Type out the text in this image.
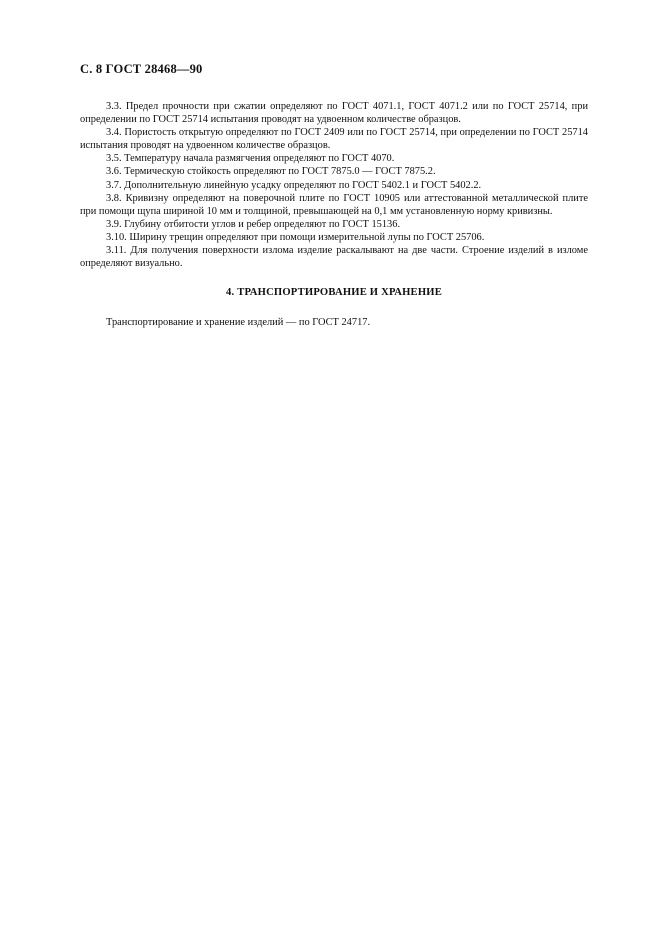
С. 8 ГОСТ 28468—90

3.3. Предел прочности при сжатии определяют по ГОСТ 4071.1, ГОСТ 4071.2 или по ГОСТ 25714, при определении по ГОСТ 25714 испытания проводят на удвоенном количестве образцов.

3.4. Пористость открытую определяют по ГОСТ 2409 или по ГОСТ 25714, при определении по ГОСТ 25714 испытания проводят на удвоенном количестве образцов.

3.5. Температуру начала размягчения определяют по ГОСТ 4070.

3.6. Термическую стойкость определяют по ГОСТ 7875.0 — ГОСТ 7875.2.

3.7. Дополнительную линейную усадку определяют по ГОСТ 5402.1 и ГОСТ 5402.2.

3.8. Кривизну определяют на поверочной плите по ГОСТ 10905 или аттестованной металлической плите при помощи щупа шириной 10 мм и толщиной, превышающей на 0,1 мм установленную норму кривизны.

3.9. Глубину отбитости углов и ребер определяют по ГОСТ 15136.

3.10. Ширину трещин определяют при помощи измерительной лупы по ГОСТ 25706.

3.11. Для получения поверхности излома изделие раскалывают на две части. Строение изделий в изломе определяют визуально.

4. ТРАНСПОРТИРОВАНИЕ И ХРАНЕНИЕ

Транспортирование и хранение изделий — по ГОСТ 24717.
